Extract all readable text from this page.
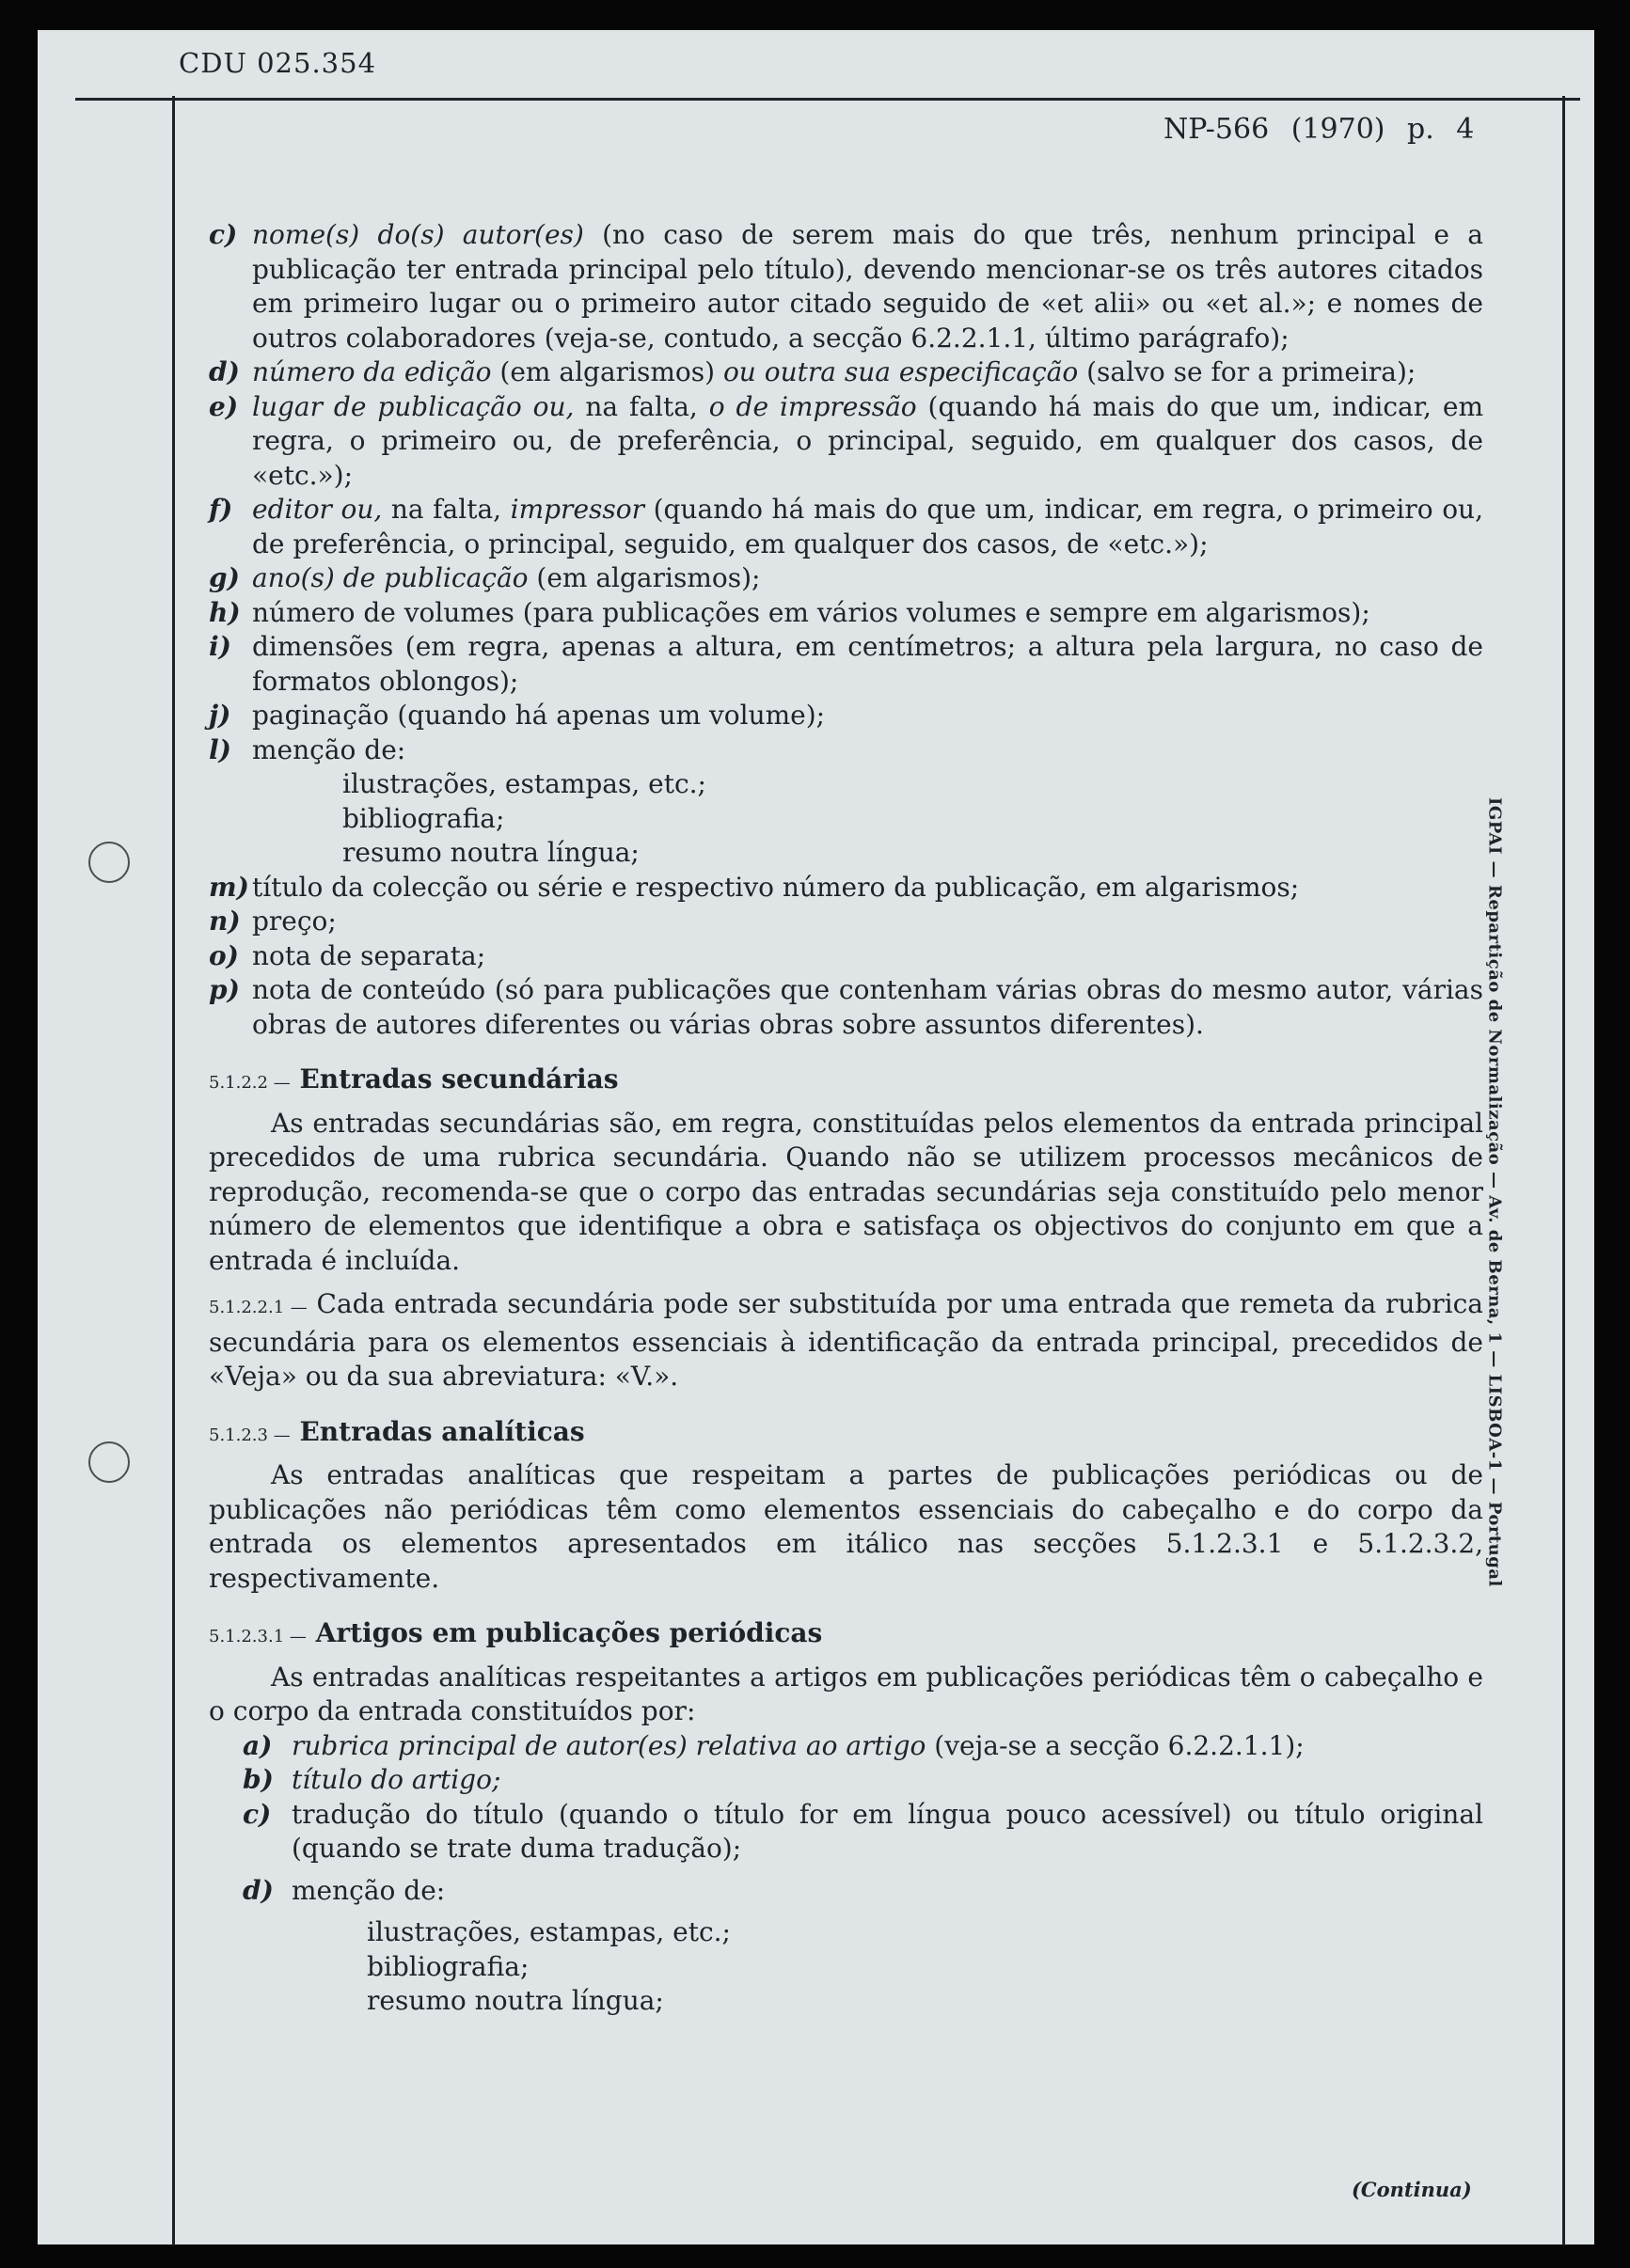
CDU 025.354
NP-566 (1970) p. 4
IGPAI — Repartição de Normalização — Av. de Berna, 1 — LISBOA-1 — Portugal
c) nome(s) do(s) autor(es) (no caso de serem mais do que três, nenhum principal e a publicação ter entrada principal pelo título), devendo mencionar-se os três autores citados em primeiro lugar ou o primeiro autor citado seguido de «et alii» ou «et al.»; e nomes de outros colaboradores (veja-se, contudo, a secção 6.2.2.1.1, último parágrafo);
d) número da edição (em algarismos) ou outra sua especificação (salvo se for a primeira);
e) lugar de publicação ou, na falta, o de impressão (quando há mais do que um, indicar, em regra, o primeiro ou, de preferência, o principal, seguido, em qualquer dos casos, de «etc.»);
f) editor ou, na falta, impressor (quando há mais do que um, indicar, em regra, o primeiro ou, de preferência, o principal, seguido, em qualquer dos casos, de «etc.»);
g) ano(s) de publicação (em algarismos);
h) número de volumes (para publicações em vários volumes e sempre em algarismos);
i) dimensões (em regra, apenas a altura, em centímetros; a altura pela largura, no caso de formatos oblongos);
j) paginação (quando há apenas um volume);
l) menção de:
ilustrações, estampas, etc.;
bibliografia;
resumo noutra língua;
m) título da colecção ou série e respectivo número da publicação, em algarismos;
n) preço;
o) nota de separata;
p) nota de conteúdo (só para publicações que contenham várias obras do mesmo autor, várias obras de autores diferentes ou várias obras sobre assuntos diferentes).
5.1.2.2 — Entradas secundárias
As entradas secundárias são, em regra, constituídas pelos elementos da entrada principal precedidos de uma rubrica secundária. Quando não se utilizem processos mecânicos de reprodução, recomenda-se que o corpo das entradas secundárias seja constituído pelo menor número de elementos que identifique a obra e satisfaça os objectivos do conjunto em que a entrada é incluída.
5.1.2.2.1 — Cada entrada secundária pode ser substituída por uma entrada que remeta da rubrica secundária para os elementos essenciais à identificação da entrada principal, precedidos de «Veja» ou da sua abreviatura: «V.».
5.1.2.3 — Entradas analíticas
As entradas analíticas que respeitam a partes de publicações periódicas ou de publicações não periódicas têm como elementos essenciais do cabeçalho e do corpo da entrada os elementos apresentados em itálico nas secções 5.1.2.3.1 e 5.1.2.3.2, respectivamente.
5.1.2.3.1 — Artigos em publicações periódicas
As entradas analíticas respeitantes a artigos em publicações periódicas têm o cabeçalho e o corpo da entrada constituídos por:
a) rubrica principal de autor(es) relativa ao artigo (veja-se a secção 6.2.2.1.1);
b) título do artigo;
c) tradução do título (quando o título for em língua pouco acessível) ou título original (quando se trate duma tradução);
d) menção de:
ilustrações, estampas, etc.;
bibliografia;
resumo noutra língua;
(Continua)
